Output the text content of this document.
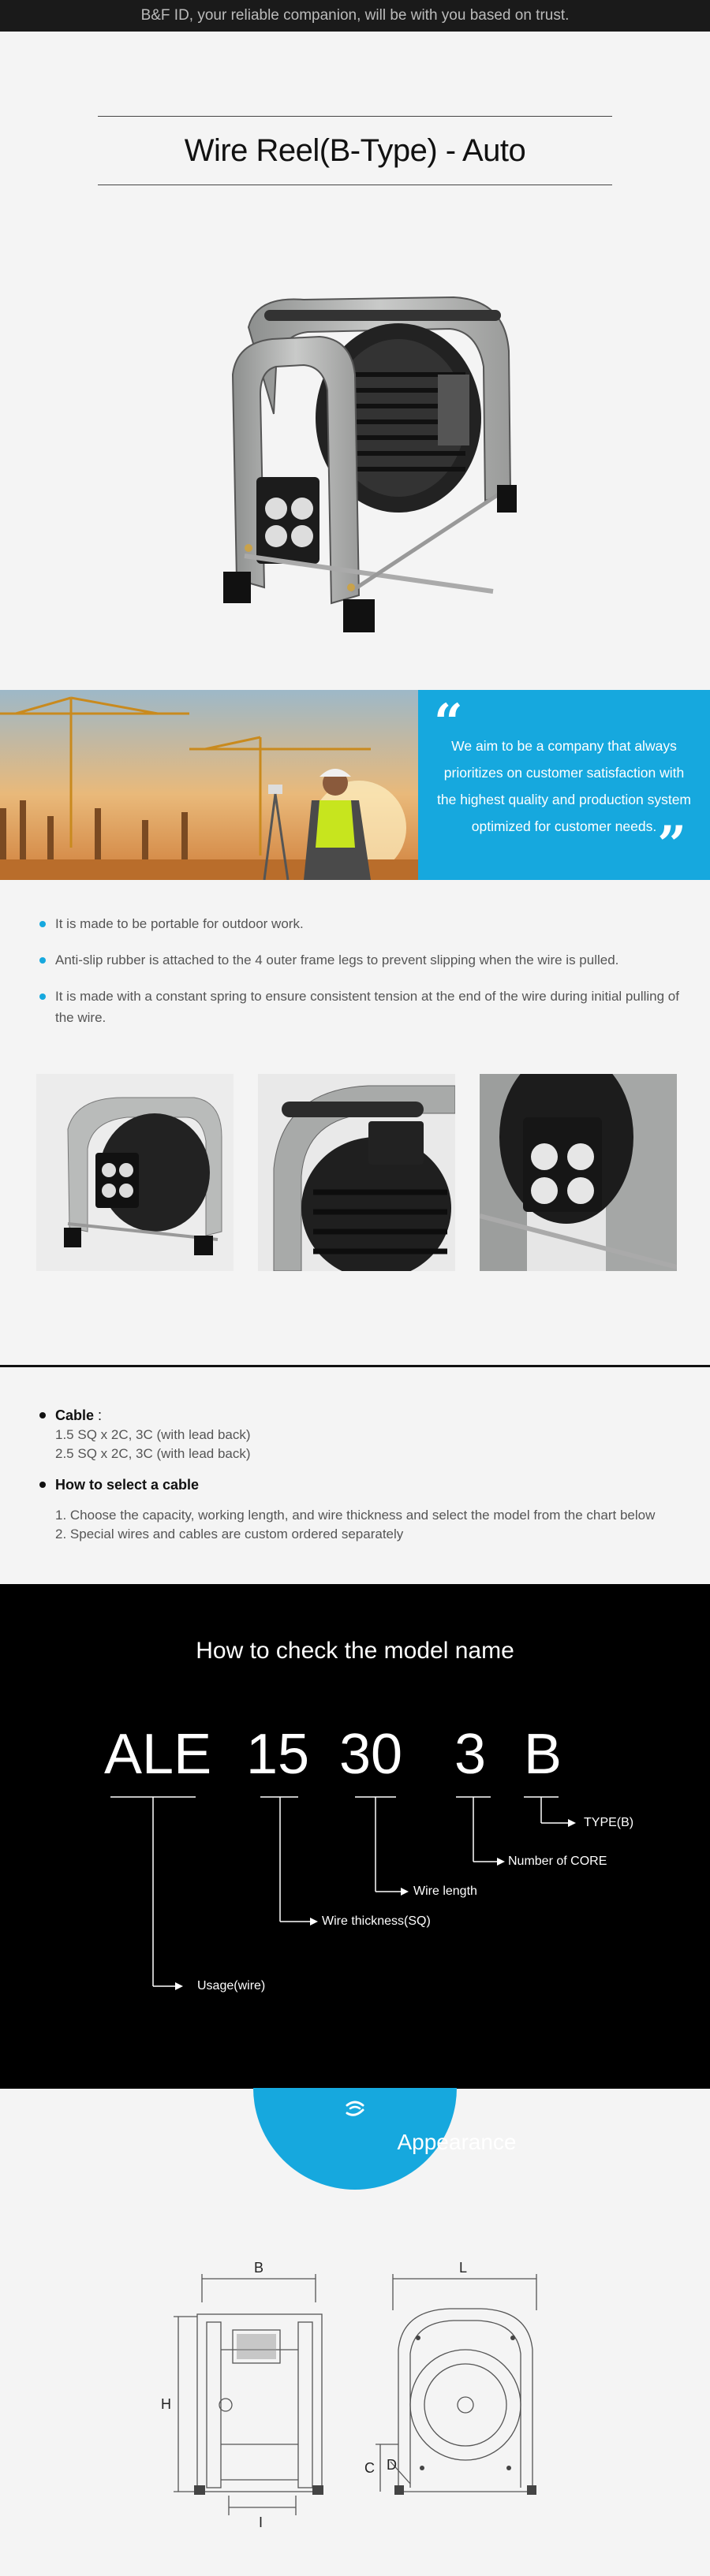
B&F ID, your reliable companion, will be with you based on trust.
Wire Reel(B-Type) - Auto
“

We aim to be a company that always prioritizes on customer satisfaction with the highest quality and production system optimized for customer needs. ”
It is made to be portable for outdoor work.
Anti-slip rubber is attached to the 4 outer frame legs to prevent slipping when the wire is pulled.
It is made with a constant spring to ensure consistent tension at the end of the wire during initial pulling of the wire.
Cable :
1.5 SQ x 2C, 3C (with lead back)
2.5 SQ x 2C, 3C (with lead back)
How to select a cable
1. Choose the capacity, working length, and wire thickness and select the model from the chart below
2. Special wires and cables are custom ordered separately
How to check the model name
ALE 15 30 3 B
TYPE(B)
Number of CORE
Wire length
Wire thickness(SQ)
Usage(wire)
Appearance
B	L
H
C D
I
